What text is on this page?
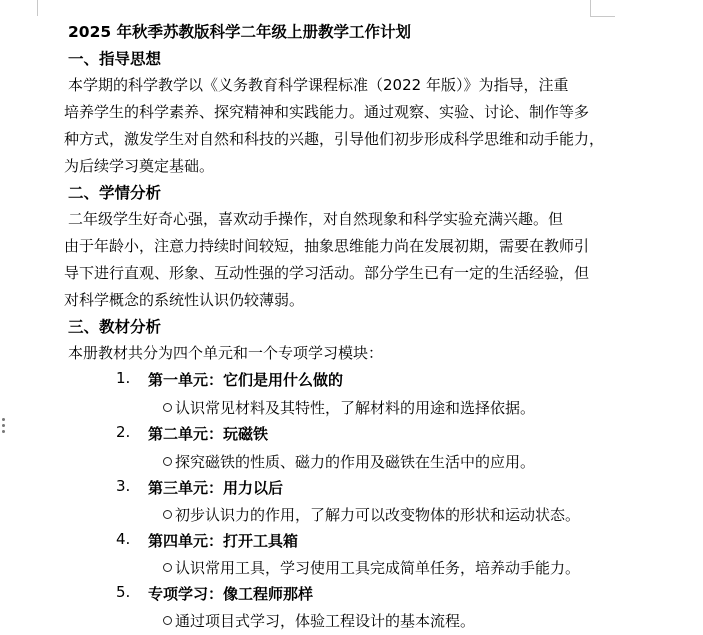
2025 年秋季苏教版科学二年级上册教学工作计划
一、指导思想
本学期的科学教学以《义务教育科学课程标准（2022 年版）》为指导，注重
培养学生的科学素养、探究精神和实践能力。通过观察、实验、讨论、制作等多
种方式，激发学生对自然和科技的兴趣，引导他们初步形成科学思维和动手能力，
为后续学习奠定基础。
二、学情分析
二年级学生好奇心强，喜欢动手操作，对自然现象和科学实验充满兴趣。但
由于年龄小，注意力持续时间较短，抽象思维能力尚在发展初期，需要在教师引
导下进行直观、形象、互动性强的学习活动。部分学生已有一定的生活经验，但
对科学概念的系统性认识仍较薄弱。
三、教材分析
本册教材共分为四个单元和一个专项学习模块：
1. 第一单元：它们是用什么做的
认识常见材料及其特性，了解材料的用途和选择依据。
2. 第二单元：玩磁铁
探究磁铁的性质、磁力的作用及磁铁在生活中的应用。
3. 第三单元：用力以后
初步认识力的作用，了解力可以改变物体的形状和运动状态。
4. 第四单元：打开工具箱
认识常用工具，学习使用工具完成简单任务，培养动手能力。
5. 专项学习：像工程师那样
通过项目式学习，体验工程设计的基本流程。
